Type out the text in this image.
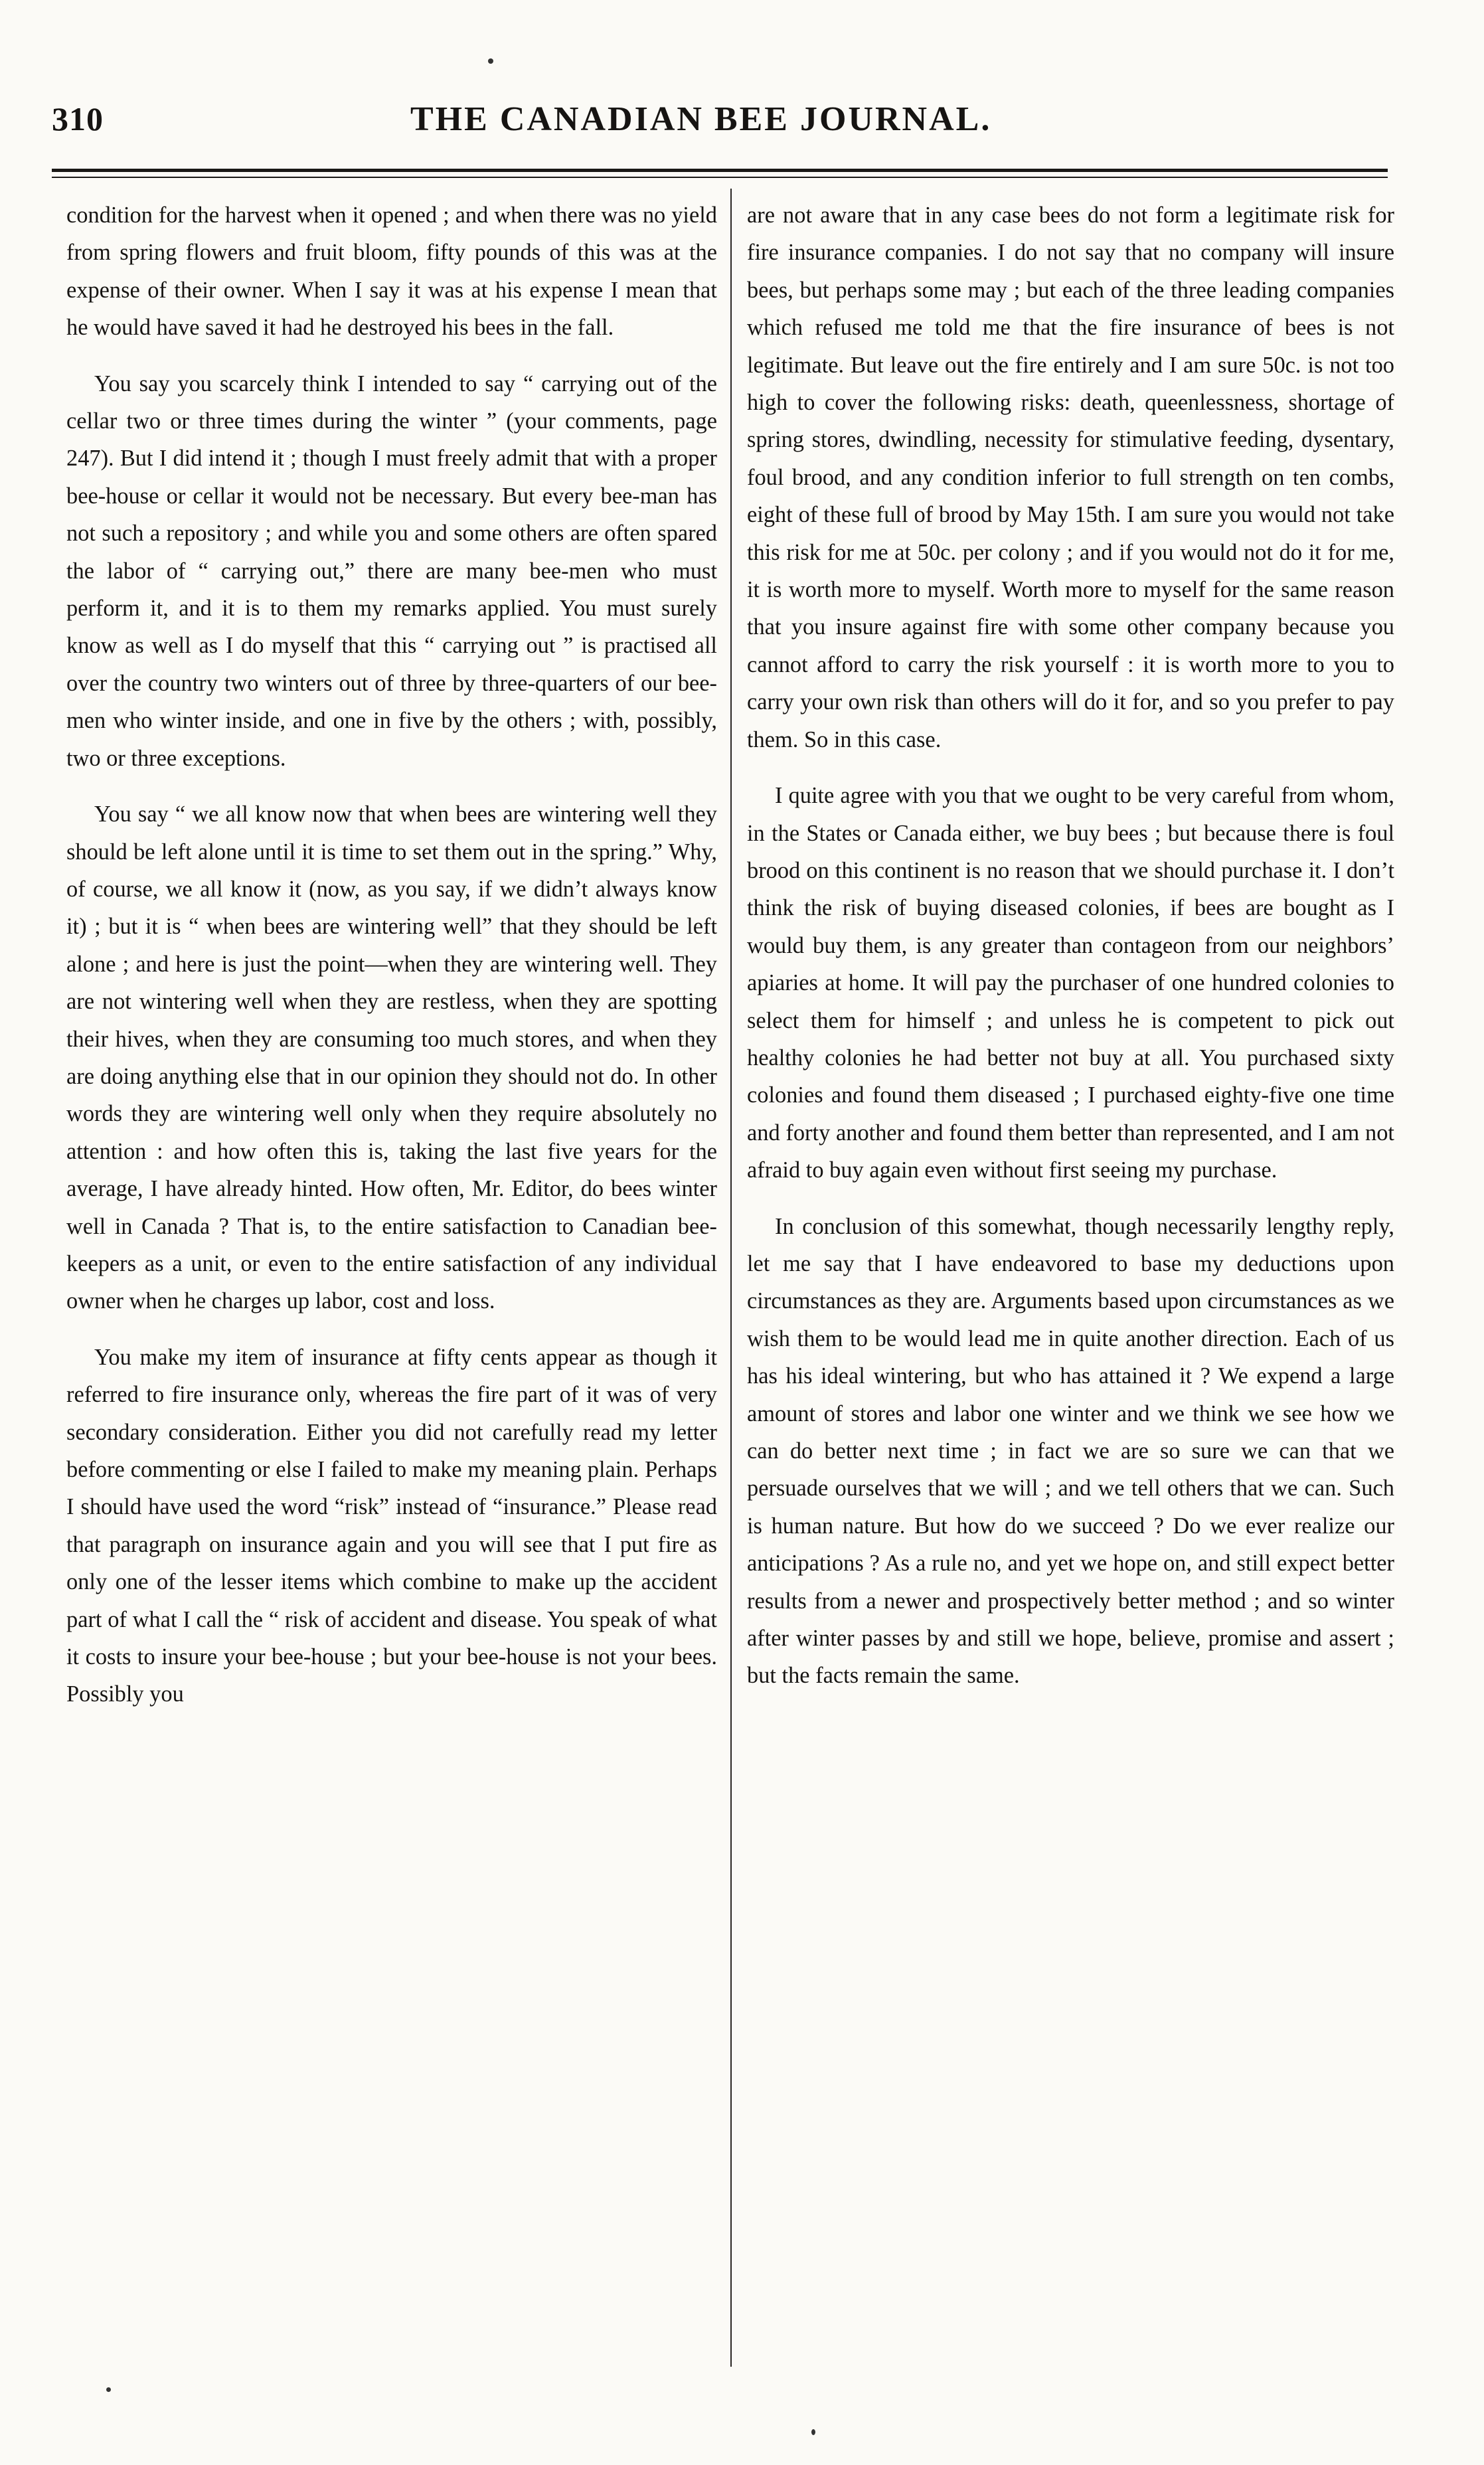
310	THE CANADIAN BEE JOURNAL.

condition for the harvest when it opened ; and when there was no yield from spring flowers and fruit bloom, fifty pounds of this was at the expense of their owner. When I say it was at his expense I mean that he would have saved it had he destroyed his bees in the fall.

You say you scarcely think I intended to say “ carrying out of the cellar two or three times during the winter ” (your comments, page 247). But I did intend it ; though I must freely admit that with a proper bee-house or cellar it would not be necessary. But every bee-man has not such a repository ; and while you and some others are often spared the labor of “ carrying out,” there are many bee-men who must perform it, and it is to them my remarks applied. You must surely know as well as I do myself that this “ carrying out ” is practised all over the country two winters out of three by three-quarters of our bee-men who winter inside, and one in five by the others ; with, possibly, two or three exceptions.

You say “ we all know now that when bees are wintering well they should be left alone until it is time to set them out in the spring.” Why, of course, we all know it (now, as you say, if we didn’t always know it) ; but it is “ when bees are wintering well” that they should be left alone ; and here is just the point—when they are wintering well. They are not wintering well when they are restless, when they are spotting their hives, when they are consuming too much stores, and when they are doing anything else that in our opinion they should not do. In other words they are wintering well only when they require absolutely no attention : and how often this is, taking the last five years for the average, I have already hinted. How often, Mr. Editor, do bees winter well in Canada ? That is, to the entire satisfaction to Canadian bee-keepers as a unit, or even to the entire satisfaction of any individual owner when he charges up labor, cost and loss.

You make my item of insurance at fifty cents appear as though it referred to fire insurance only, whereas the fire part of it was of very secondary consideration. Either you did not carefully read my letter before commenting or else I failed to make my meaning plain. Perhaps I should have used the word “risk” instead of “insurance.” Please read that paragraph on insurance again and you will see that I put fire as only one of the lesser items which combine to make up the accident part of what I call the “ risk of accident and disease. You speak of what it costs to insure your bee-house ; but your bee-house is not your bees. Possibly you

are not aware that in any case bees do not form a legitimate risk for fire insurance companies. I do not say that no company will insure bees, but perhaps some may ; but each of the three leading companies which refused me told me that the fire insurance of bees is not legitimate. But leave out the fire entirely and I am sure 50c. is not too high to cover the following risks: death, queenlessness, shortage of spring stores, dwindling, necessity for stimulative feeding, dysentary, foul brood, and any condition inferior to full strength on ten combs, eight of these full of brood by May 15th. I am sure you would not take this risk for me at 50c. per colony ; and if you would not do it for me, it is worth more to myself. Worth more to myself for the same reason that you insure against fire with some other company because you cannot afford to carry the risk yourself : it is worth more to you to carry your own risk than others will do it for, and so you prefer to pay them. So in this case.

I quite agree with you that we ought to be very careful from whom, in the States or Canada either, we buy bees ; but because there is foul brood on this continent is no reason that we should purchase it. I don’t think the risk of buying diseased colonies, if bees are bought as I would buy them, is any greater than contageon from our neighbors’ apiaries at home. It will pay the purchaser of one hundred colonies to select them for himself ; and unless he is competent to pick out healthy colonies he had better not buy at all. You purchased sixty colonies and found them diseased ; I purchased eighty-five one time and forty another and found them better than represented, and I am not afraid to buy again even without first seeing my purchase.

In conclusion of this somewhat, though necessarily lengthy reply, let me say that I have endeavored to base my deductions upon circumstances as they are. Arguments based upon circumstances as we wish them to be would lead me in quite another direction. Each of us has his ideal wintering, but who has attained it ? We expend a large amount of stores and labor one winter and we think we see how we can do better next time ; in fact we are so sure we can that we persuade ourselves that we will ; and we tell others that we can. Such is human nature. But how do we succeed ? Do we ever realize our anticipations ? As a rule no, and yet we hope on, and still expect better results from a newer and prospectively better method ; and so winter after winter passes by and still we hope, believe, promise and assert ; but the facts remain the same.
